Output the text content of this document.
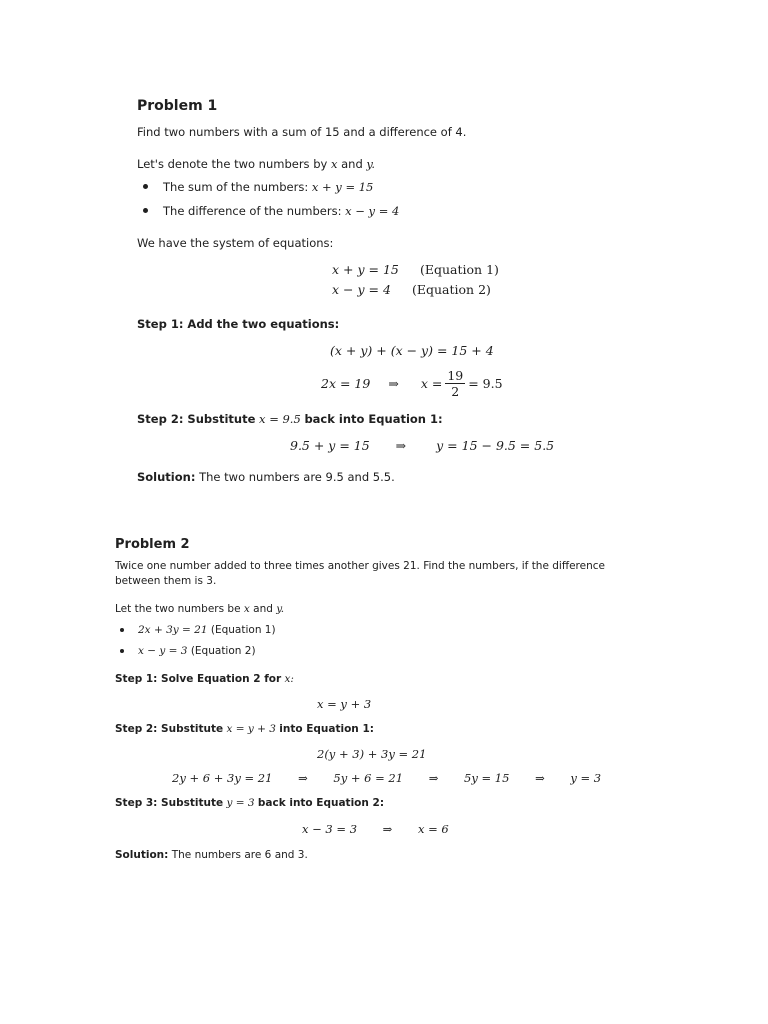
Problem 1
Find two numbers with a sum of 15 and a difference of 4.
Let's denote the two numbers by x and y.
The sum of the numbers: x + y = 15
The difference of the numbers: x − y = 4
We have the system of equations:
x + y = 15 (Equation 1)
x − y = 4 (Equation 2)
Step 1: Add the two equations:
(x + y) + (x − y) = 15 + 4
2x = 19 ⇒ $x = \frac{19}{2} = 9.5$
Step 2: Substitute x = 9.5 back into Equation 1:
9.5 + y = 15 ⇒ y = 15 − 9.5 = 5.5
Solution: The two numbers are 9.5 and 5.5.
Problem 2
Twice one number added to three times another gives 21. Find the numbers, if the difference
between them is 3.
Let the two numbers be x and y.
2x + 3y = 21 (Equation 1)
x − y = 3 (Equation 2)
Step 1: Solve Equation 2 for x:
x = y + 3
Step 2: Substitute x = y + 3 into Equation 1:
2(y + 3) + 3y = 21
2y + 6 + 3y = 21 ⇒ 5y + 6 = 21 ⇒ 5y = 15 ⇒ y = 3
Step 3: Substitute y = 3 back into Equation 2:
x − 3 = 3 ⇒ x = 6
Solution: The numbers are 6 and 3.
